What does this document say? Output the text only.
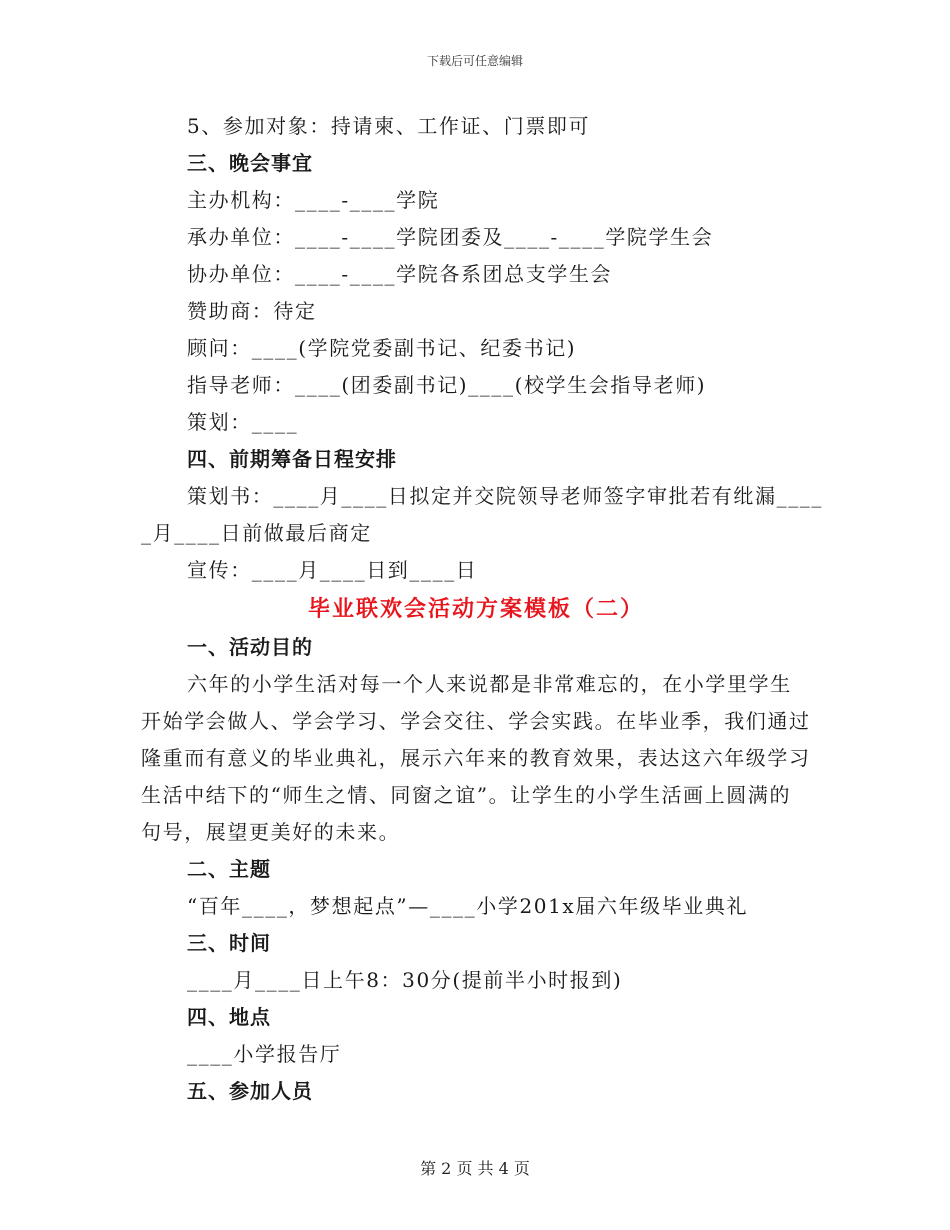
下载后可任意编辑
5、参加对象：持请柬、工作证、门票即可
三、晚会事宜
主办机构：____-____学院
承办单位：____-____学院团委及____-____学院学生会
协办单位：____-____学院各系团总支学生会
赞助商：待定
顾问：____(学院党委副书记、纪委书记)
指导老师：____(团委副书记)____(校学生会指导老师)
策划：____
四、前期筹备日程安排
策划书：____月____日拟定并交院领导老师签字审批若有纰漏____
_月____日前做最后商定
宣传：____月____日到____日
毕业联欢会活动方案模板（二）
一、活动目的
六年的小学生活对每一个人来说都是非常难忘的，在小学里学生开始学会做人、学会学习、学会交往、学会实践。在毕业季，我们通过隆重而有意义的毕业典礼，展示六年来的教育效果，表达这六年级学习生活中结下的“师生之情、同窗之谊”。让学生的小学生活画上圆满的句号，展望更美好的未来。
二、主题
“百年____，梦想起点”—____小学201x届六年级毕业典礼
三、时间
____月____日上午8：30分(提前半小时报到)
四、地点
____小学报告厅
五、参加人员
第 2 页 共 4 页
